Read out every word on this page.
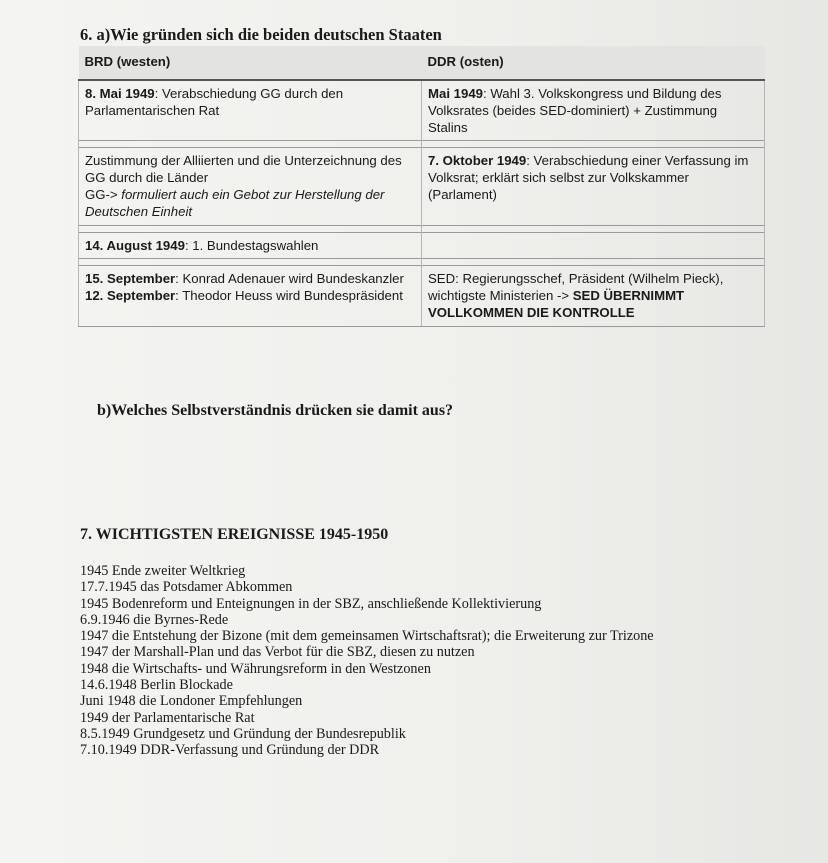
6. a)Wie gründen sich die beiden deutschen Staaten
BRD (westen)	DDR (osten)
8. Mai 1949: Verabschiedung GG durch den Parlamentarischen Rat	Mai 1949: Wahl 3. Volkskongress und Bildung des Volksrates (beides SED-dominiert) + Zustimmung Stalins

Zustimmung der Alliierten und die Unterzeichnung des GG durch die Länder
GG-> formuliert auch ein Gebot zur Herstellung der Deutschen Einheit	7. Oktober 1949: Verabschiedung einer Verfassung im Volksrat; erklärt sich selbst zur Volkskammer (Parlament)

14. August 1949: 1. Bundestagswahlen	

15. September: Konrad Adenauer wird Bundeskanzler
12. September: Theodor Heuss wird Bundespräsident	SED: Regierungsschef, Präsident (Wilhelm Pieck), wichtigste Ministerien -> SED ÜBERNIMMT VOLLKOMMEN DIE KONTROLLE
b)Welches Selbstverständnis drücken sie damit aus?
7. WICHTIGSTEN EREIGNISSE 1945-1950
1945 Ende zweiter Weltkrieg
17.7.1945 das Potsdamer Abkommen
1945 Bodenreform und Enteignungen in der SBZ, anschließende Kollektivierung
6.9.1946 die Byrnes-Rede
1947 die Entstehung der Bizone (mit dem gemeinsamen Wirtschaftsrat); die Erweiterung zur Trizone
1947 der Marshall-Plan und das Verbot für die SBZ, diesen zu nutzen
1948 die Wirtschafts- und Währungsreform in den Westzonen
14.6.1948 Berlin Blockade
Juni 1948 die Londoner Empfehlungen
1949 der Parlamentarische Rat
8.5.1949 Grundgesetz und Gründung der Bundesrepublik
7.10.1949 DDR-Verfassung und Gründung der DDR
